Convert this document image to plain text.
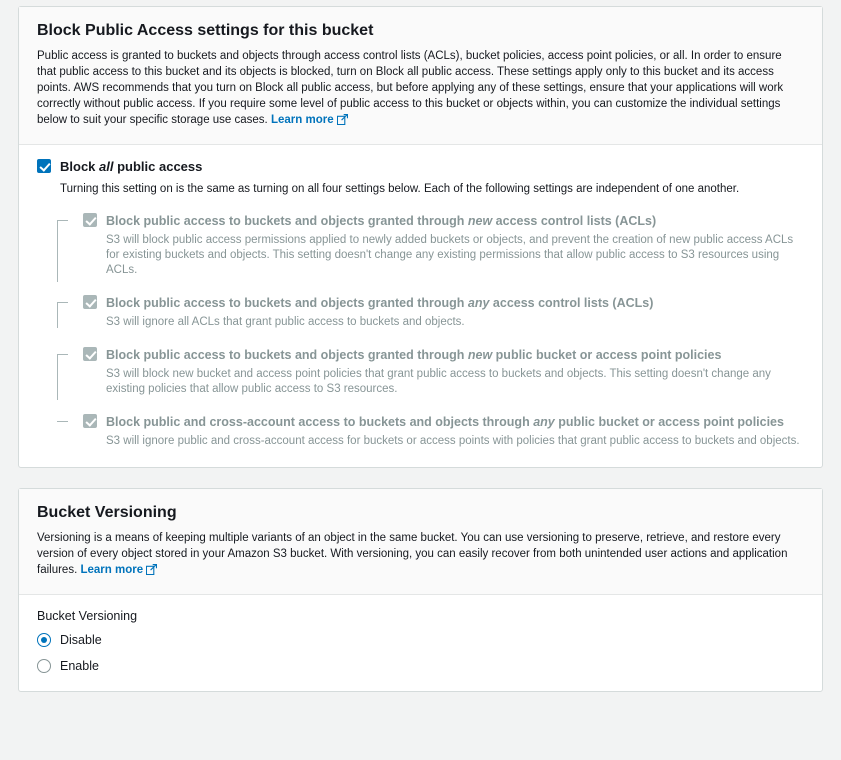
Block Public Access settings for this bucket
Public access is granted to buckets and objects through access control lists (ACLs), bucket policies, access point policies, or all. In order to ensure that public access to this bucket and its objects is blocked, turn on Block all public access. These settings apply only to this bucket and its access points. AWS recommends that you turn on Block all public access, but before applying any of these settings, ensure that your applications will work correctly without public access. If you require some level of public access to this bucket or objects within, you can customize the individual settings below to suit your specific storage use cases. Learn more
Block all public access
Turning this setting on is the same as turning on all four settings below. Each of the following settings are independent of one another.
Block public access to buckets and objects granted through new access control lists (ACLs)
S3 will block public access permissions applied to newly added buckets or objects, and prevent the creation of new public access ACLs for existing buckets and objects. This setting doesn't change any existing permissions that allow public access to S3 resources using ACLs.
Block public access to buckets and objects granted through any access control lists (ACLs)
S3 will ignore all ACLs that grant public access to buckets and objects.
Block public access to buckets and objects granted through new public bucket or access point policies
S3 will block new bucket and access point policies that grant public access to buckets and objects. This setting doesn't change any existing policies that allow public access to S3 resources.
Block public and cross-account access to buckets and objects through any public bucket or access point policies
S3 will ignore public and cross-account access for buckets or access points with policies that grant public access to buckets and objects.
Bucket Versioning
Versioning is a means of keeping multiple variants of an object in the same bucket. You can use versioning to preserve, retrieve, and restore every version of every object stored in your Amazon S3 bucket. With versioning, you can easily recover from both unintended user actions and application failures. Learn more
Bucket Versioning
Disable
Enable
